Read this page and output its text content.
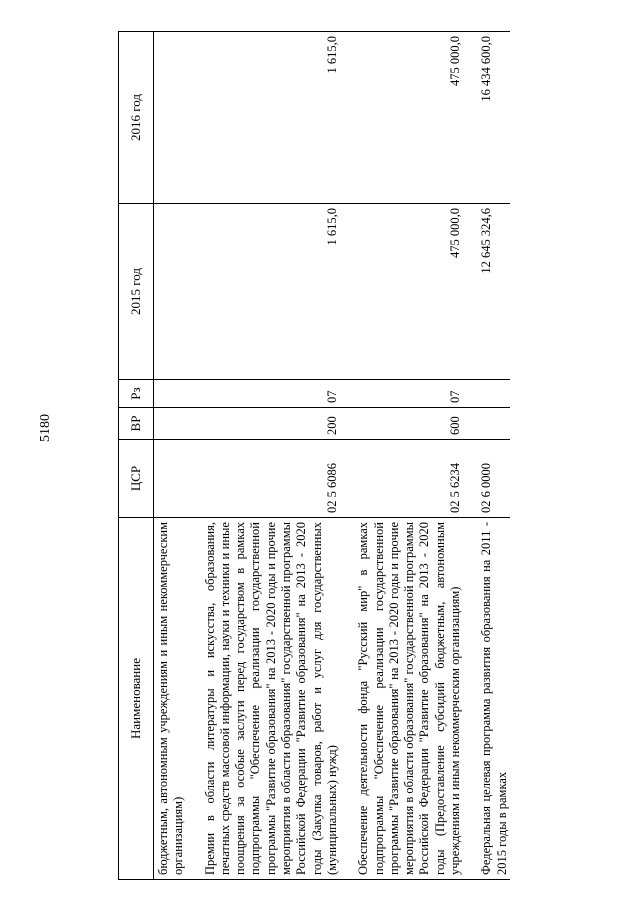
5180
Наименование	ЦСР	ВР	Рз	2015 год	2016 год
бюджетным, автономным учреждениям и иным некоммерческим организациям)					
Премии в области литературы и искусства, образования, печатных средств массовой информации, науки и техники и иные поощрения за особые заслуги перед государством в рамках подпрограммы "Обеспечение реализации государственной программы "Развитие образования" на 2013 - 2020 годы и прочие мероприятия в области образования" государственной программы Российской Федерации "Развитие образования" на 2013 - 2020 годы (Закупка товаров, работ и услуг для государственных (муниципальных) нужд)	02 5 6086	200	07	1 615,0	1 615,0
Обеспечение деятельности фонда "Русский мир" в рамках подпрограммы "Обеспечение реализации государственной программы "Развитие образования" на 2013 - 2020 годы и прочие мероприятия в области образования" государственной программы Российской Федерации "Развитие образования" на 2013 - 2020 годы (Предоставление субсидий бюджетным, автономным учреждениям и иным некоммерческим организациям)	02 5 6234	600	07	475 000,0	475 000,0
Федеральная целевая программа развития образования на 2011 - 2015 годы в рамках	02 6 0000			12 645 324,6	16 434 600,0
